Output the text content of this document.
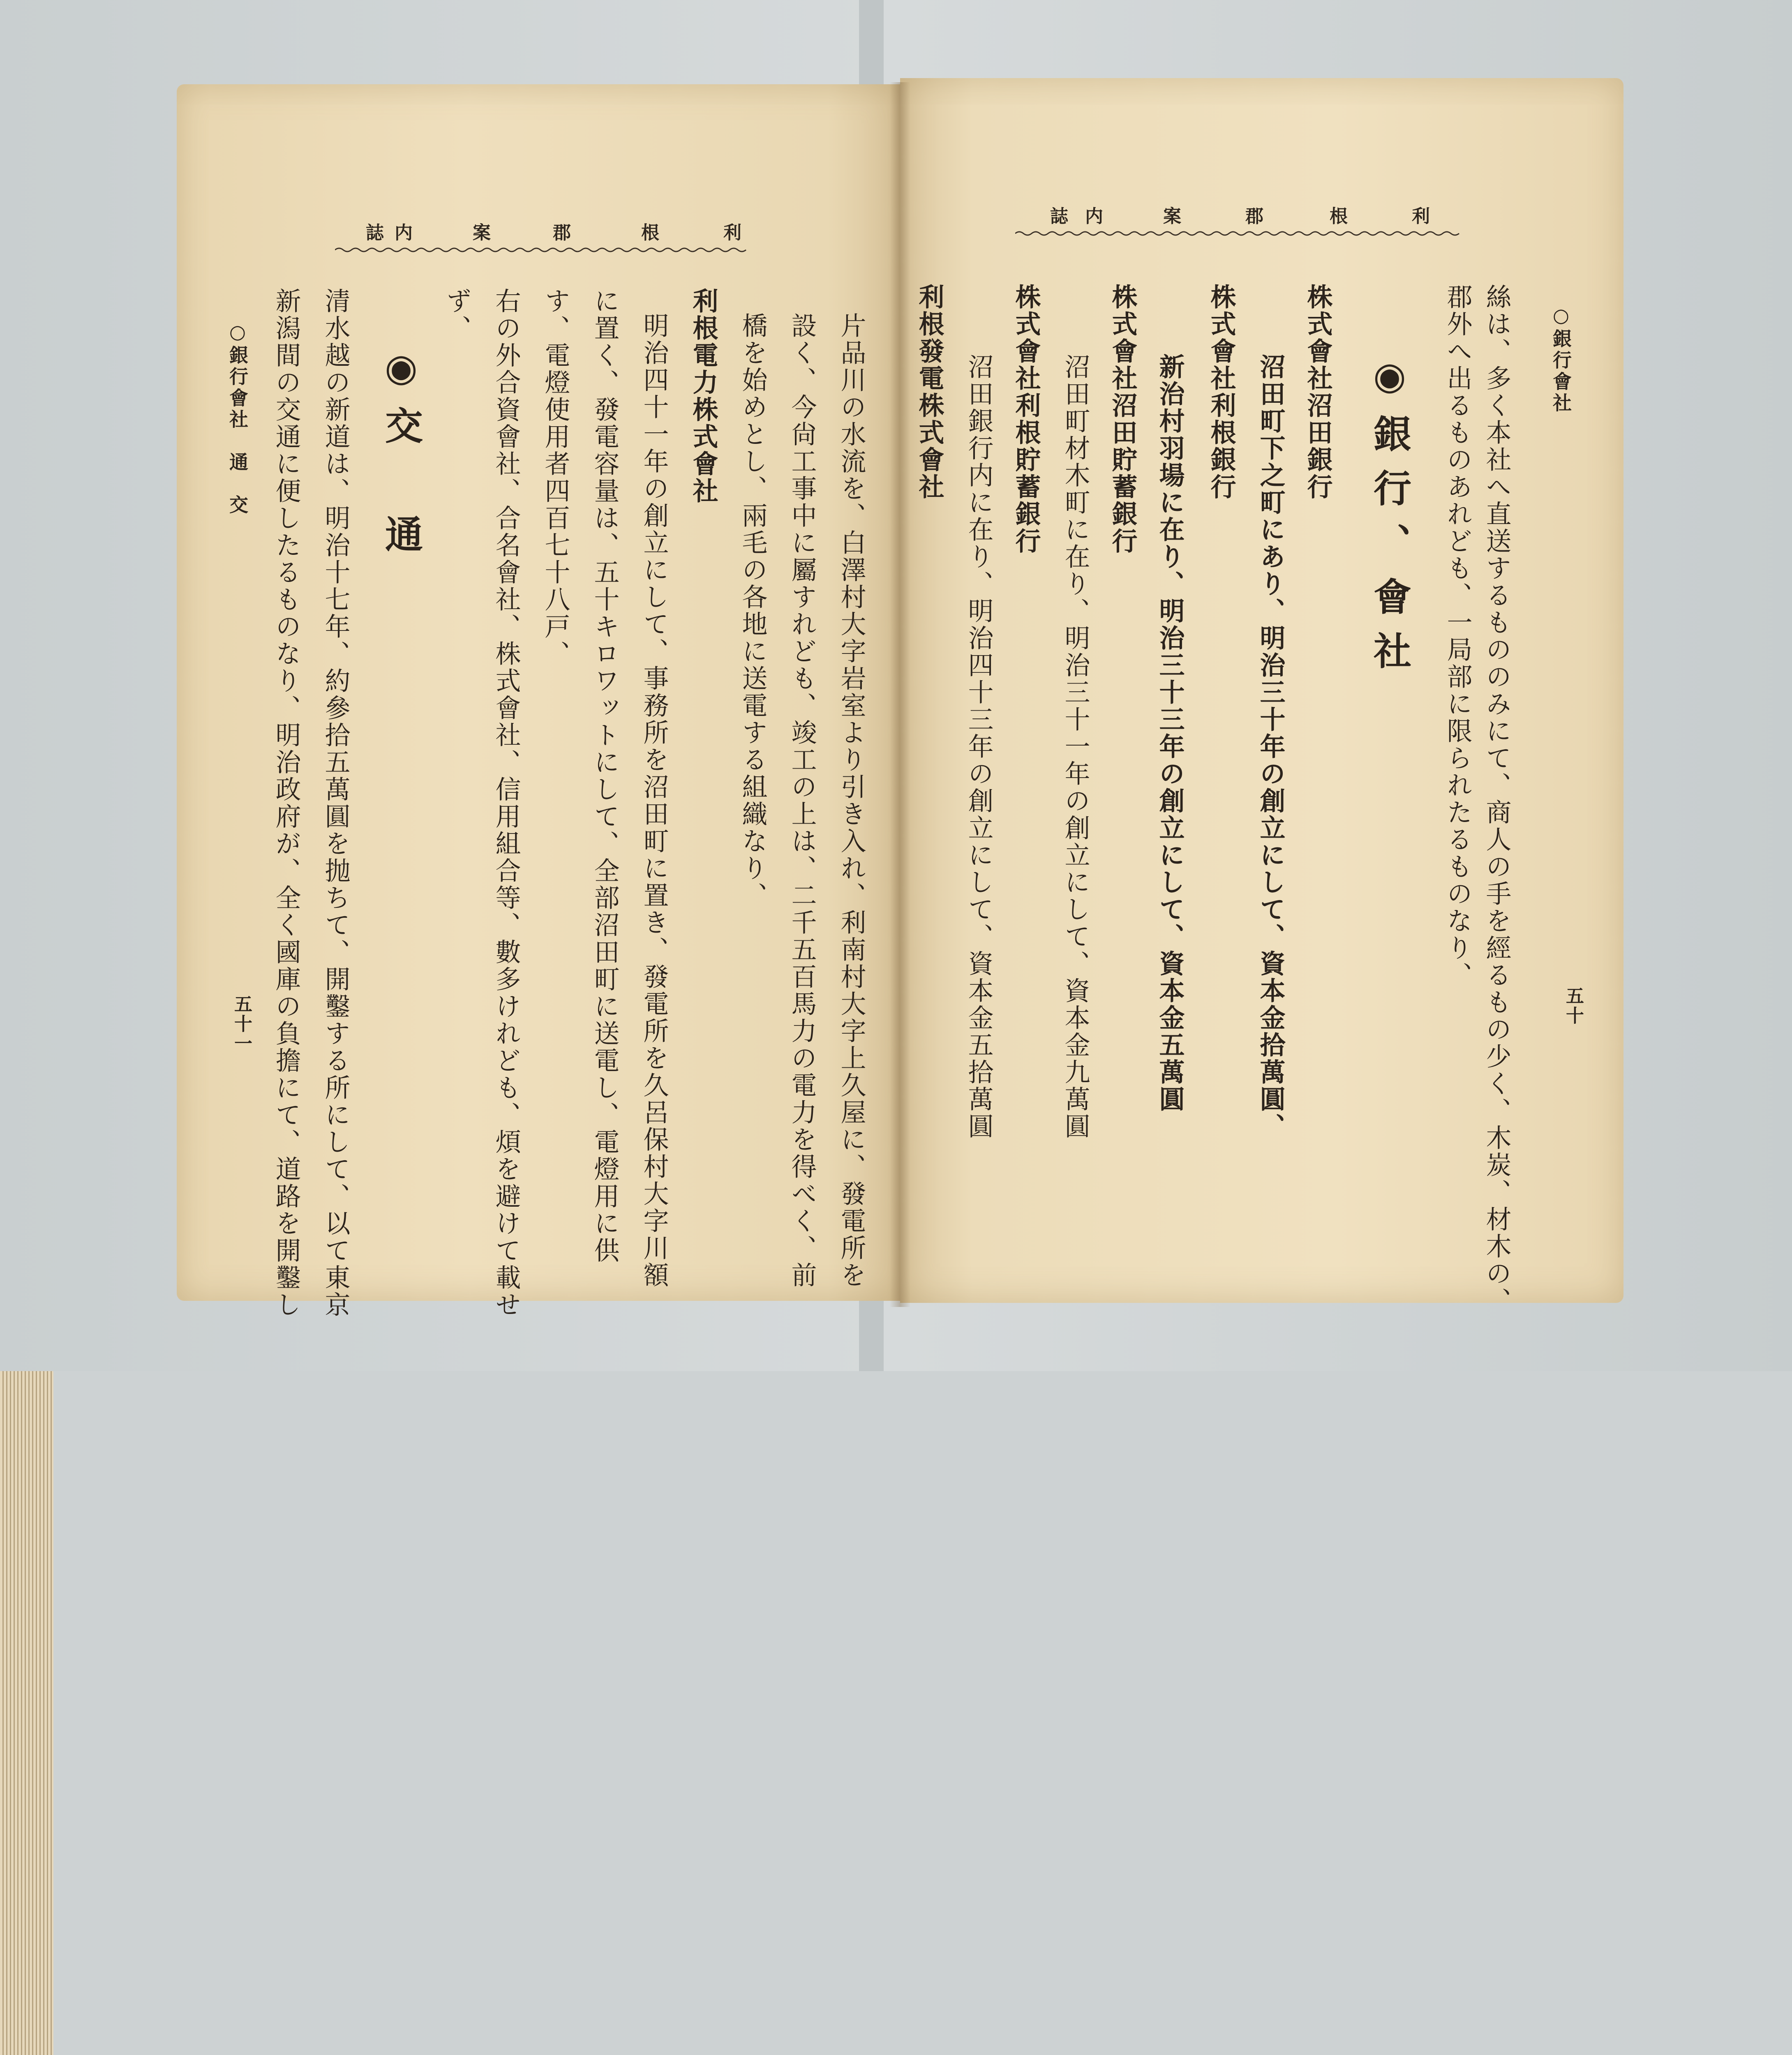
利
根
郡
案
内
誌
○銀行會社
五十
絲は、多く本社へ直送するもののみにて、商人の手を經るもの少く、木炭、材木の、
郡外へ出るものあれども、一局部に限られたるものなり、
◉銀行、會社
株式會社沼田銀行
沼田町下之町にあり、明治三十年の創立にして、資本金拾萬圓、
株式會社利根銀行
新治村羽場に在り、明治三十三年の創立にして、資本金五萬圓
株式會社沼田貯蓄銀行
沼田町材木町に在り、明治三十一年の創立にして、資本金九萬圓
株式會社利根貯蓄銀行
沼田銀行内に在り、明治四十三年の創立にして、資本金五拾萬圓
利根發電株式會社
利
根
郡
案
内
誌
○銀行會社　通　交
五十一	片品川の水流を、白澤村大字岩室より引き入れ、利南村大字上久屋に、發電所を
設く、今尙工事中に屬すれども、竣工の上は、二千五百馬力の電力を得べく、前
橋を始めとし、兩毛の各地に送電する組織なり、
利根電力株式會社
明治四十一年の創立にして、事務所を沼田町に置き、發電所を久呂保村大字川額
に置く、發電容量は、五十キロワットにして、全部沼田町に送電し、電燈用に供
す、電燈使用者四百七十八戸、
右の外合資會社、合名會社、株式會社、信用組合等、數多けれども、煩を避けて載せ
ず、
◉交　通
清水越の新道は、明治十七年、約參拾五萬圓を抛ちて、開鑿する所にして、以て東京
新潟間の交通に便したるものなり、明治政府が、全く國庫の負擔にて、道路を開鑿し
